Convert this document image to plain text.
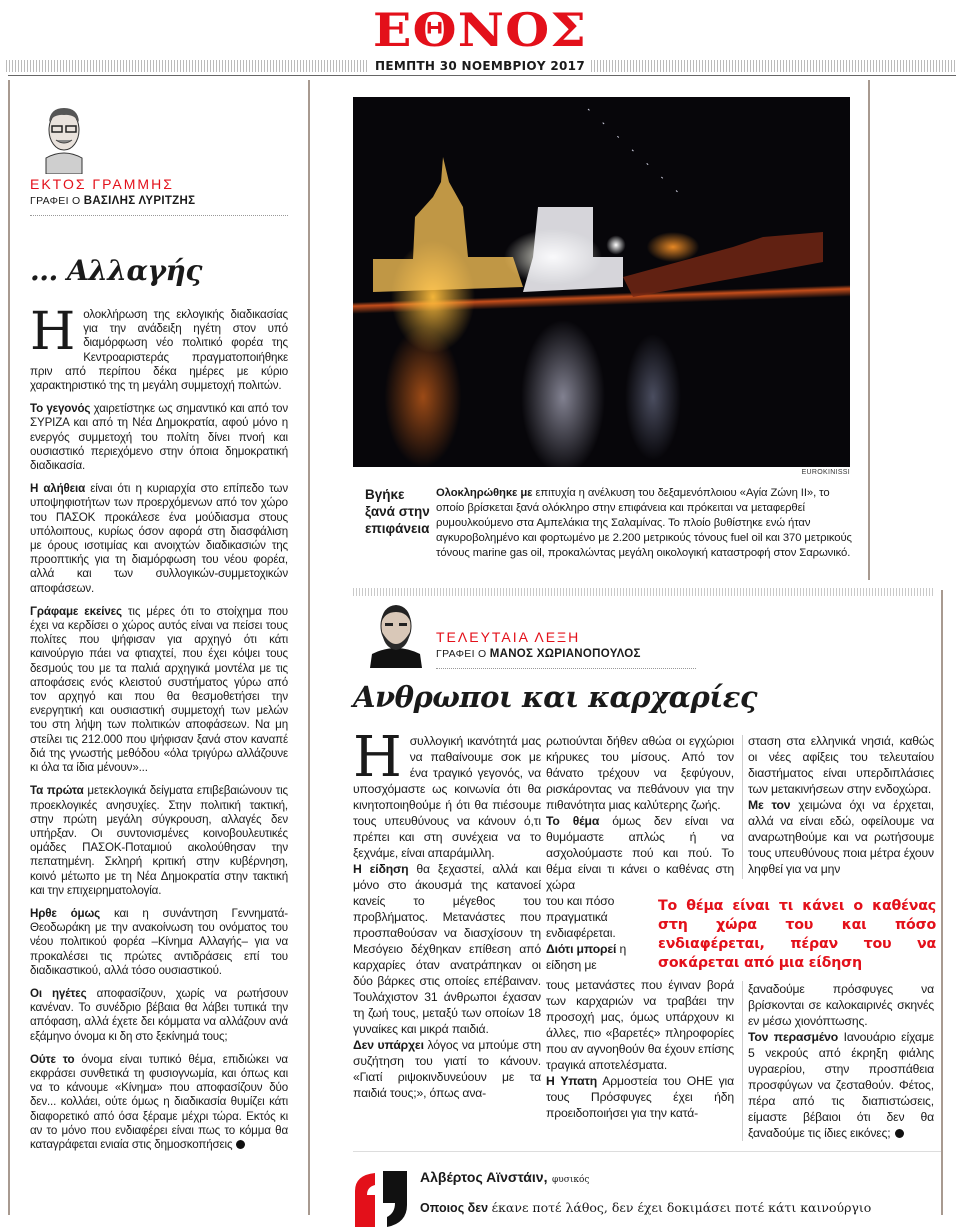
ΕΘΝΟΣ
ΠΕΜΠΤΗ 30 ΝΟΕΜΒΡΙΟΥ 2017
ΕΚΤΟΣ ΓΡΑΜΜΗΣ
ΓΡΑΦΕΙ Ο ΒΑΣΙΛΗΣ ΛΥΡΙΤΖΗΣ
... Αλλαγής

Ηολοκλήρωση της εκλογικής διαδικασίας για την ανάδειξη ηγέτη στον υπό διαμόρφωση νέο πολιτικό φορέα της Κεντροαριστεράς πραγματοποιήθηκε πριν από περίπου δέκα ημέρες με κύριο χαρακτηριστικό της τη μεγάλη συμμετοχή πολιτών.

Το γεγονός χαιρετίστηκε ως σημαντικό και από τον ΣΥΡΙΖΑ και από τη Νέα Δημοκρατία, αφού μόνο η ενεργός συμμετοχή του πολίτη δίνει πνοή και ουσιαστικό περιεχόμενο στην όποια δημοκρατική διαδικασία.

Η αλήθεια είναι ότι η κυριαρχία στο επίπεδο των υποψηφιοτήτων των προερχόμενων από τον χώρο του ΠΑΣΟΚ προκάλεσε ένα μούδιασμα στους υπόλοιπους, κυρίως όσον αφορά στη διασφάλιση με όρους ισοτιμίας και ανοιχτών διαδικασιών της προοπτικής για τη διαμόρφωση του νέου φορέα, αλλά και των συλλογικών-συμμετοχικών αποφάσεων.

Γράφαμε εκείνες τις μέρες ότι το στοίχημα που έχει να κερδίσει ο χώρος αυτός είναι να πείσει τους πολίτες που ψήφισαν για αρχηγό ότι κάτι καινούργιο πάει να φτιαχτεί, που έχει κόψει τους δεσμούς του με τα παλιά αρχηγικά μοντέλα με τις αποφάσεις ενός κλειστού συστήματος γύρω από τον αρχηγό και που θα θεσμοθετήσει την ενεργητική και ουσιαστική συμμετοχή των μελών του στη λήψη των πολιτικών αποφάσεων. Να μη στείλει τις 212.000 που ψήφισαν ξανά στον καναπέ διά της γνωστής μεθόδου «όλα τριγύρω αλλάζουνε κι όλα τα ίδια μένουν»...

Τα πρώτα μετεκλογικά δείγματα επιβεβαιώνουν τις προεκλογικές ανησυχίες. Στην πολιτική τακτική, στην πρώτη μεγάλη σύγκρουση, αλλαγές δεν υπήρξαν. Οι συντονισμένες κοινοβουλευτικές ομάδες ΠΑΣΟΚ-Ποταμιού ακολούθησαν την πεπατημένη. Σκληρή κριτική στην κυβέρνηση, κοινό μέτωπο με τη Νέα Δημοκρατία στην τακτική και την επιχειρηματολογία.

Ηρθε όμως και η συνάντηση Γεννηματά-Θεοδωράκη με την ανακοίνωση του ονόματος του νέου πολιτικού φορέα –Κίνημα Αλλαγής– για να προκαλέσει τις πρώτες αντιδράσεις επί του διαδικαστικού, αλλά τόσο ουσιαστικού.

Οι ηγέτες αποφασίζουν, χωρίς να ρωτήσουν κανέναν. Το συνέδριο βέβαια θα λάβει τυπικά την απόφαση, αλλά έχετε δει κόμματα να αλλάζουν ανά εξάμηνο όνομα κι δη στο ξεκίνημά τους;

Ούτε το όνομα είναι τυπικό θέμα, επιδιώκει να εκφράσει συνθετικά τη φυσιογνωμία, και όπως και να το κάνουμε «Κίνημα» που αποφασίζουν δύο δεν... κολλάει, ούτε όμως η διαδικασία θυμίζει κάτι διαφορετικό από όσα ξέραμε μέχρι τώρα. Εκτός κι αν το μόνο που ενδιαφέρει είναι πως το κόμμα θα καταγράφεται ενιαία στις δημοσκοπήσεις

EUROKINISSI
Βγήκε ξανά στην επιφάνεια
Ολοκληρώθηκε με επιτυχία η ανέλκυση του δεξαμενόπλοιου «Αγία Ζώνη ΙΙ», το οποίο βρίσκεται ξανά ολόκληρο στην επιφάνεια και πρόκειται να μεταφερθεί ρυμουλκούμενο στα Αμπελάκια της Σαλαμίνας. Το πλοίο βυθίστηκε ενώ ήταν αγκυροβολημένο και φορτωμένο με 2.200 μετρικούς τόνους fuel oil και 370 μετρικούς τόνους marine gas oil, προκαλώντας μεγάλη οικολογική καταστροφή στον Σαρωνικό.
ΤΕΛΕΥΤΑΙΑ ΛΕΞΗ
ΓΡΑΦΕΙ Ο ΜΑΝΟΣ ΧΩΡΙΑΝΟΠΟΥΛΟΣ
Ανθρωποι και καρχαρίες

Ησυλλογική ικανότητά μας να παθαίνουμε σοκ με ένα τραγικό γεγονός, να υποσχόμαστε ως κοινωνία ότι θα κινητοποιηθούμε ή ότι θα πιέσουμε τους υπευθύνους να κάνουν ό,τι πρέπει και στη συνέχεια να το ξεχνάμε, είναι απαράμιλλη.

Η είδηση θα ξεχαστεί, αλλά και μόνο στο άκουσμά της κατανοεί κανείς το μέγεθος του προβλήματος. Μετανάστες που προσπαθούσαν να διασχίσουν τη Μεσόγειο δέχθηκαν επίθεση από καρχαρίες όταν ανατράπηκαν οι δύο βάρκες στις οποίες επέβαιναν. Τουλάχιστον 31 άνθρωποι έχασαν τη ζωή τους, μεταξύ των οποίων 18 γυναίκες και μικρά παιδιά.

Δεν υπάρχει λόγος να μπούμε στη συζήτηση του γιατί το κάνουν. «Γιατί ριψοκινδυνεύουν με τα παιδιά τους;», όπως ανα-

ρωτιούνται δήθεν αθώα οι εγχώριοι κήρυκες του μίσους. Από τον θάνατο τρέχουν να ξεφύγουν, ρισκάροντας να πεθάνουν για την πιθανότητα μιας καλύτερης ζωής.

Το θέμα όμως δεν είναι να θυμόμαστε απλώς ή να ασχολούμαστε πού και πού. Το θέμα είναι τι κάνει ο καθένας στη χώρα

του και πόσο πραγματικά ενδιαφέρεται.

Διότι μπορεί η είδηση με

τους μετανάστες που έγιναν βορά των καρχαριών να τραβάει την προσοχή μας, όμως υπάρχουν κι άλλες, πιο «βαρετές» πληροφορίες που αν αγνοηθούν θα έχουν επίσης τραγικά αποτελέσματα.

Η Υπατη Αρμοστεία του ΟΗΕ για τους Πρόσφυγες έχει ήδη προειδοποιήσει για την κατά-

σταση στα ελληνικά νησιά, καθώς οι νέες αφίξεις του τελευταίου διαστήματος είναι υπερδιπλάσιες των μετακινήσεων στην ενδοχώρα.

Με τον χειμώνα όχι να έρχεται, αλλά να είναι εδώ, οφείλουμε να αναρωτηθούμε και να ρωτήσουμε τους υπευθύνους ποια μέτρα έχουν ληφθεί για να μην

ξαναδούμε πρόσφυγες να βρίσκονται σε καλοκαιρινές σκηνές εν μέσω χιονόπτωσης.

Τον περασμένο Ιανουάριο είχαμε 5 νεκρούς από έκρηξη φιάλης υγραερίου, στην προσπάθεια προσφύγων να ζεσταθούν. Φέτος, πέρα από τις διαπιστώσεις, είμαστε βέβαιοι ότι δεν θα ξαναδούμε τις ίδιες εικόνες;

Το θέμα είναι τι κάνει ο καθένας στη χώρα του και πόσο ενδιαφέρεται, πέραν του να σοκάρεται από μια είδηση
Αλβέρτος Αϊνστάιν, φυσικός
Οποιος δεν έκανε ποτέ λάθος, δεν έχει δοκιμάσει ποτέ κάτι καινούργιο
